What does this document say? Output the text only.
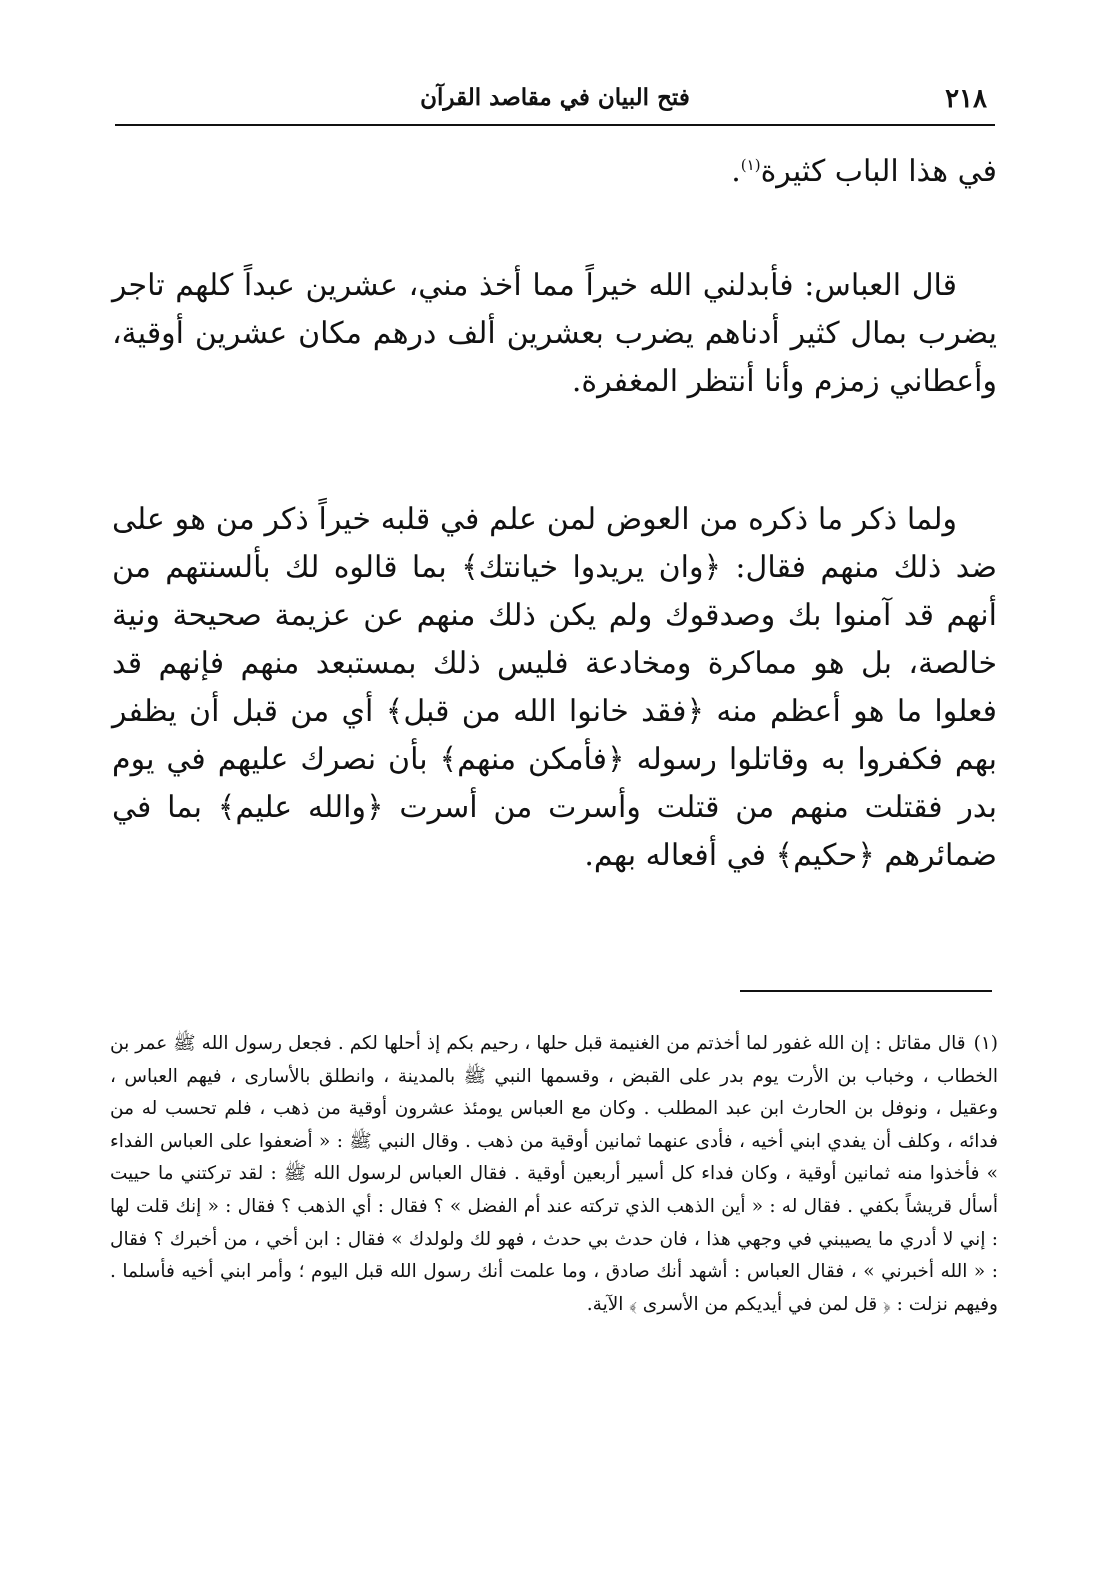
٢١٨
فتح البيان في مقاصد القرآن
في هذا الباب كثيرة$^{(١)}$.
قال العباس: فأبدلني الله خيراً مما أخذ مني، عشرين عبداً كلهم تاجر يضرب بمال كثير أدناهم يضرب بعشرين ألف درهم مكان عشرين أوقية، وأعطاني زمزم وأنا أنتظر المغفرة.
ولما ذكر ما ذكره من العوض لمن علم في قلبه خيراً ذكر من هو على ضد ذلك منهم فقال: ﴿وان يريدوا خيانتك﴾ بما قالوه لك بألسنتهم من أنهم قد آمنوا بك وصدقوك ولم يكن ذلك منهم عن عزيمة صحيحة ونية خالصة، بل هو مماكرة ومخادعة فليس ذلك بمستبعد منهم فإنهم قد فعلوا ما هو أعظم منه ﴿فقد خانوا الله من قبل﴾ أي من قبل أن يظفر بهم فكفروا به وقاتلوا رسوله ﴿فأمكن منهم﴾ بأن نصرك عليهم في يوم بدر فقتلت منهم من قتلت وأسرت من أسرت ﴿والله عليم﴾ بما في ضمائرهم ﴿حكيم﴾ في أفعاله بهم.
(١)قال مقاتل : إن الله غفور لما أخذتم من الغنيمة قبل حلها ، رحيم بكم إذ أحلها لكم . فجعل رسول الله ﷺ عمر بن الخطاب ، وخباب بن الأرت يوم بدر على القبض ، وقسمها النبي ﷺ بالمدينة ، وانطلق بالأسارى ، فيهم العباس ، وعقيل ، ونوفل بن الحارث ابن عبد المطلب . وكان مع العباس يومئذ عشرون أوقية من ذهب ، فلم تحسب له من فدائه ، وكلف أن يفدي ابني أخيه ، فأدى عنهما ثمانين أوقية من ذهب . وقال النبي ﷺ : « أضعفوا على العباس الفداء » فأخذوا منه ثمانين أوقية ، وكان فداء كل أسير أربعين أوقية . فقال العباس لرسول الله ﷺ : لقد تركتني ما حييت أسأل قريشاً بكفي . فقال له : « أين الذهب الذي تركته عند أم الفضل » ؟ فقال : أي الذهب ؟ فقال : « إنك قلت لها : إني لا أدري ما يصيبني في وجهي هذا ، فان حدث بي حدث ، فهو لك ولولدك » فقال : ابن أخي ، من أخبرك ؟ فقال : « الله أخبرني » ، فقال العباس : أشهد أنك صادق ، وما علمت أنك رسول الله قبل اليوم ؛ وأمر ابني أخيه فأسلما . وفيهم نزلت : ﴿ قل لمن في أيديكم من الأسرى ﴾ الآية.
